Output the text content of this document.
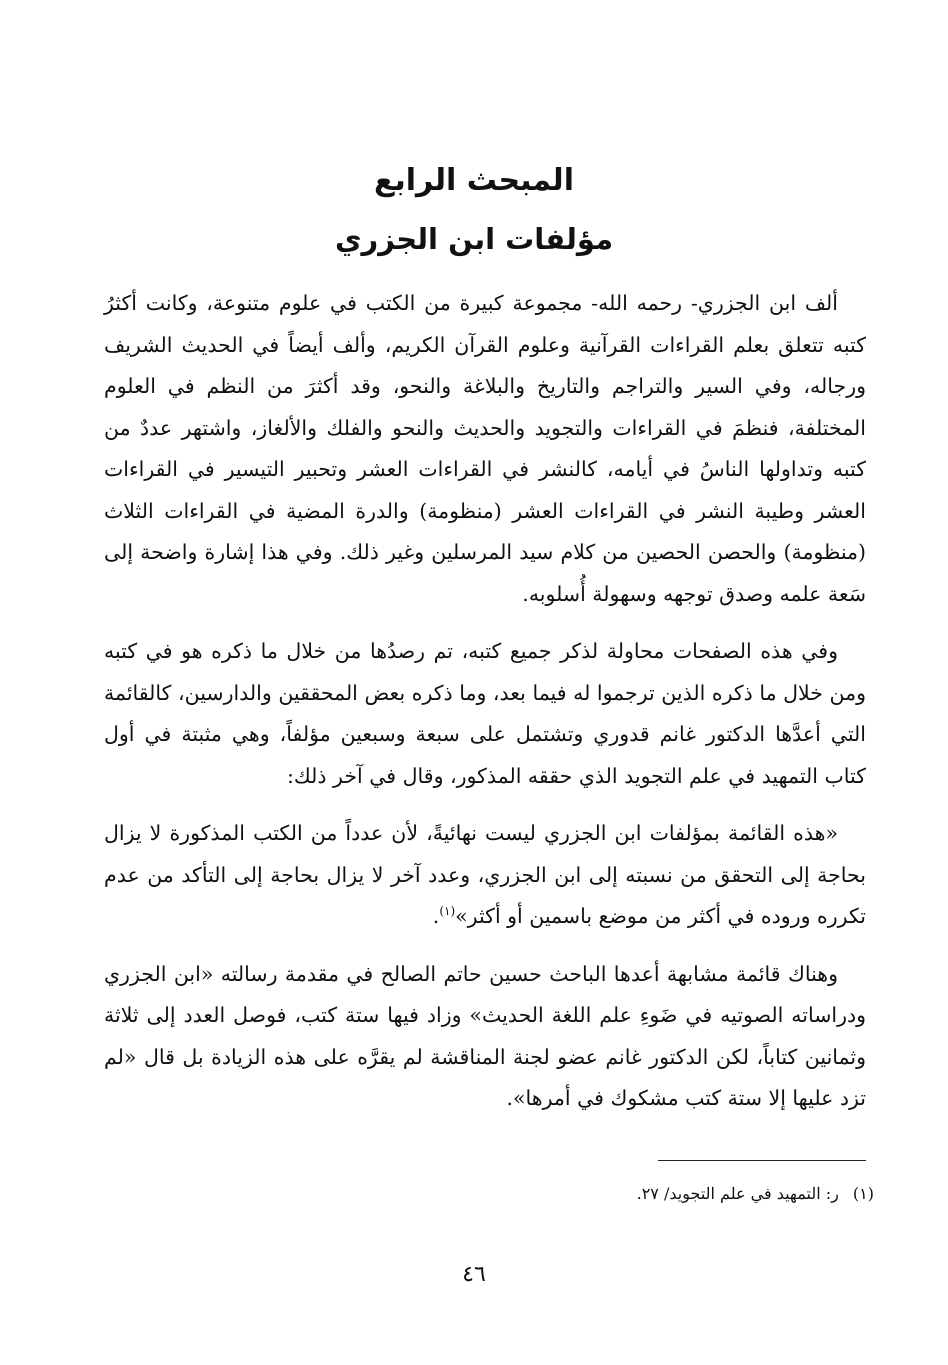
المبحث الرابع
مؤلفات ابن الجزري

ألف ابن الجزري- رحمه الله- مجموعة كبيرة من الكتب في علوم متنوعة، وكانت أكثرُ كتبه تتعلق بعلم القراءات القرآنية وعلوم القرآن الكريم، وألف أيضاً في الحديث الشريف ورجاله، وفي السير والتراجم والتاريخ والبلاغة والنحو، وقد أكثرَ من النظم في العلوم المختلفة، فنظمَ في القراءات والتجويد والحديث والنحو والفلك والألغاز، واشتهر عددٌ من كتبه وتداولها الناسُ في أيامه، كالنشر في القراءات العشر وتحبير التيسير في القراءات العشر وطيبة النشر في القراءات العشر (منظومة) والدرة المضية في القراءات الثلاث (منظومة) والحصن الحصين من كلام سيد المرسلين وغير ذلك. وفي هذا إشارة واضحة إلى سَعة علمه وصدق توجهه وسهولة أُسلوبه.

وفي هذه الصفحات محاولة لذكر جميع كتبه، تم رصدُها من خلال ما ذكره هو في كتبه ومن خلال ما ذكره الذين ترجموا له فيما بعد، وما ذكره بعض المحققين والدارسين، كالقائمة التي أعدَّها الدكتور غانم قدوري وتشتمل على سبعة وسبعين مؤلفاً، وهي مثبتة في أول كتاب التمهيد في علم التجويد الذي حققه المذكور، وقال في آخر ذلك:

«هذه القائمة بمؤلفات ابن الجزري ليست نهائيةً، لأن عدداً من الكتب المذكورة لا يزال بحاجة إلى التحقق من نسبته إلى ابن الجزري، وعدد آخر لا يزال بحاجة إلى التأكد من عدم تكرره وروده في أكثر من موضع باسمين أو أكثر»$^{(١)}$.

وهناك قائمة مشابهة أعدها الباحث حسين حاتم الصالح في مقدمة رسالته «ابن الجزري ودراساته الصوتيه في ضَوءِ علم اللغة الحديث» وزاد فيها ستة كتب، فوصل العدد إلى ثلاثة وثمانين كتاباً، لكن الدكتور غانم عضو لجنة المناقشة لم يقرَّه على هذه الزيادة بل قال «لم تزد عليها إلا ستة كتب مشكوك في أمرها».

(١)ر: التمهيد في علم التجويد/ ٢٧.
٤٦
